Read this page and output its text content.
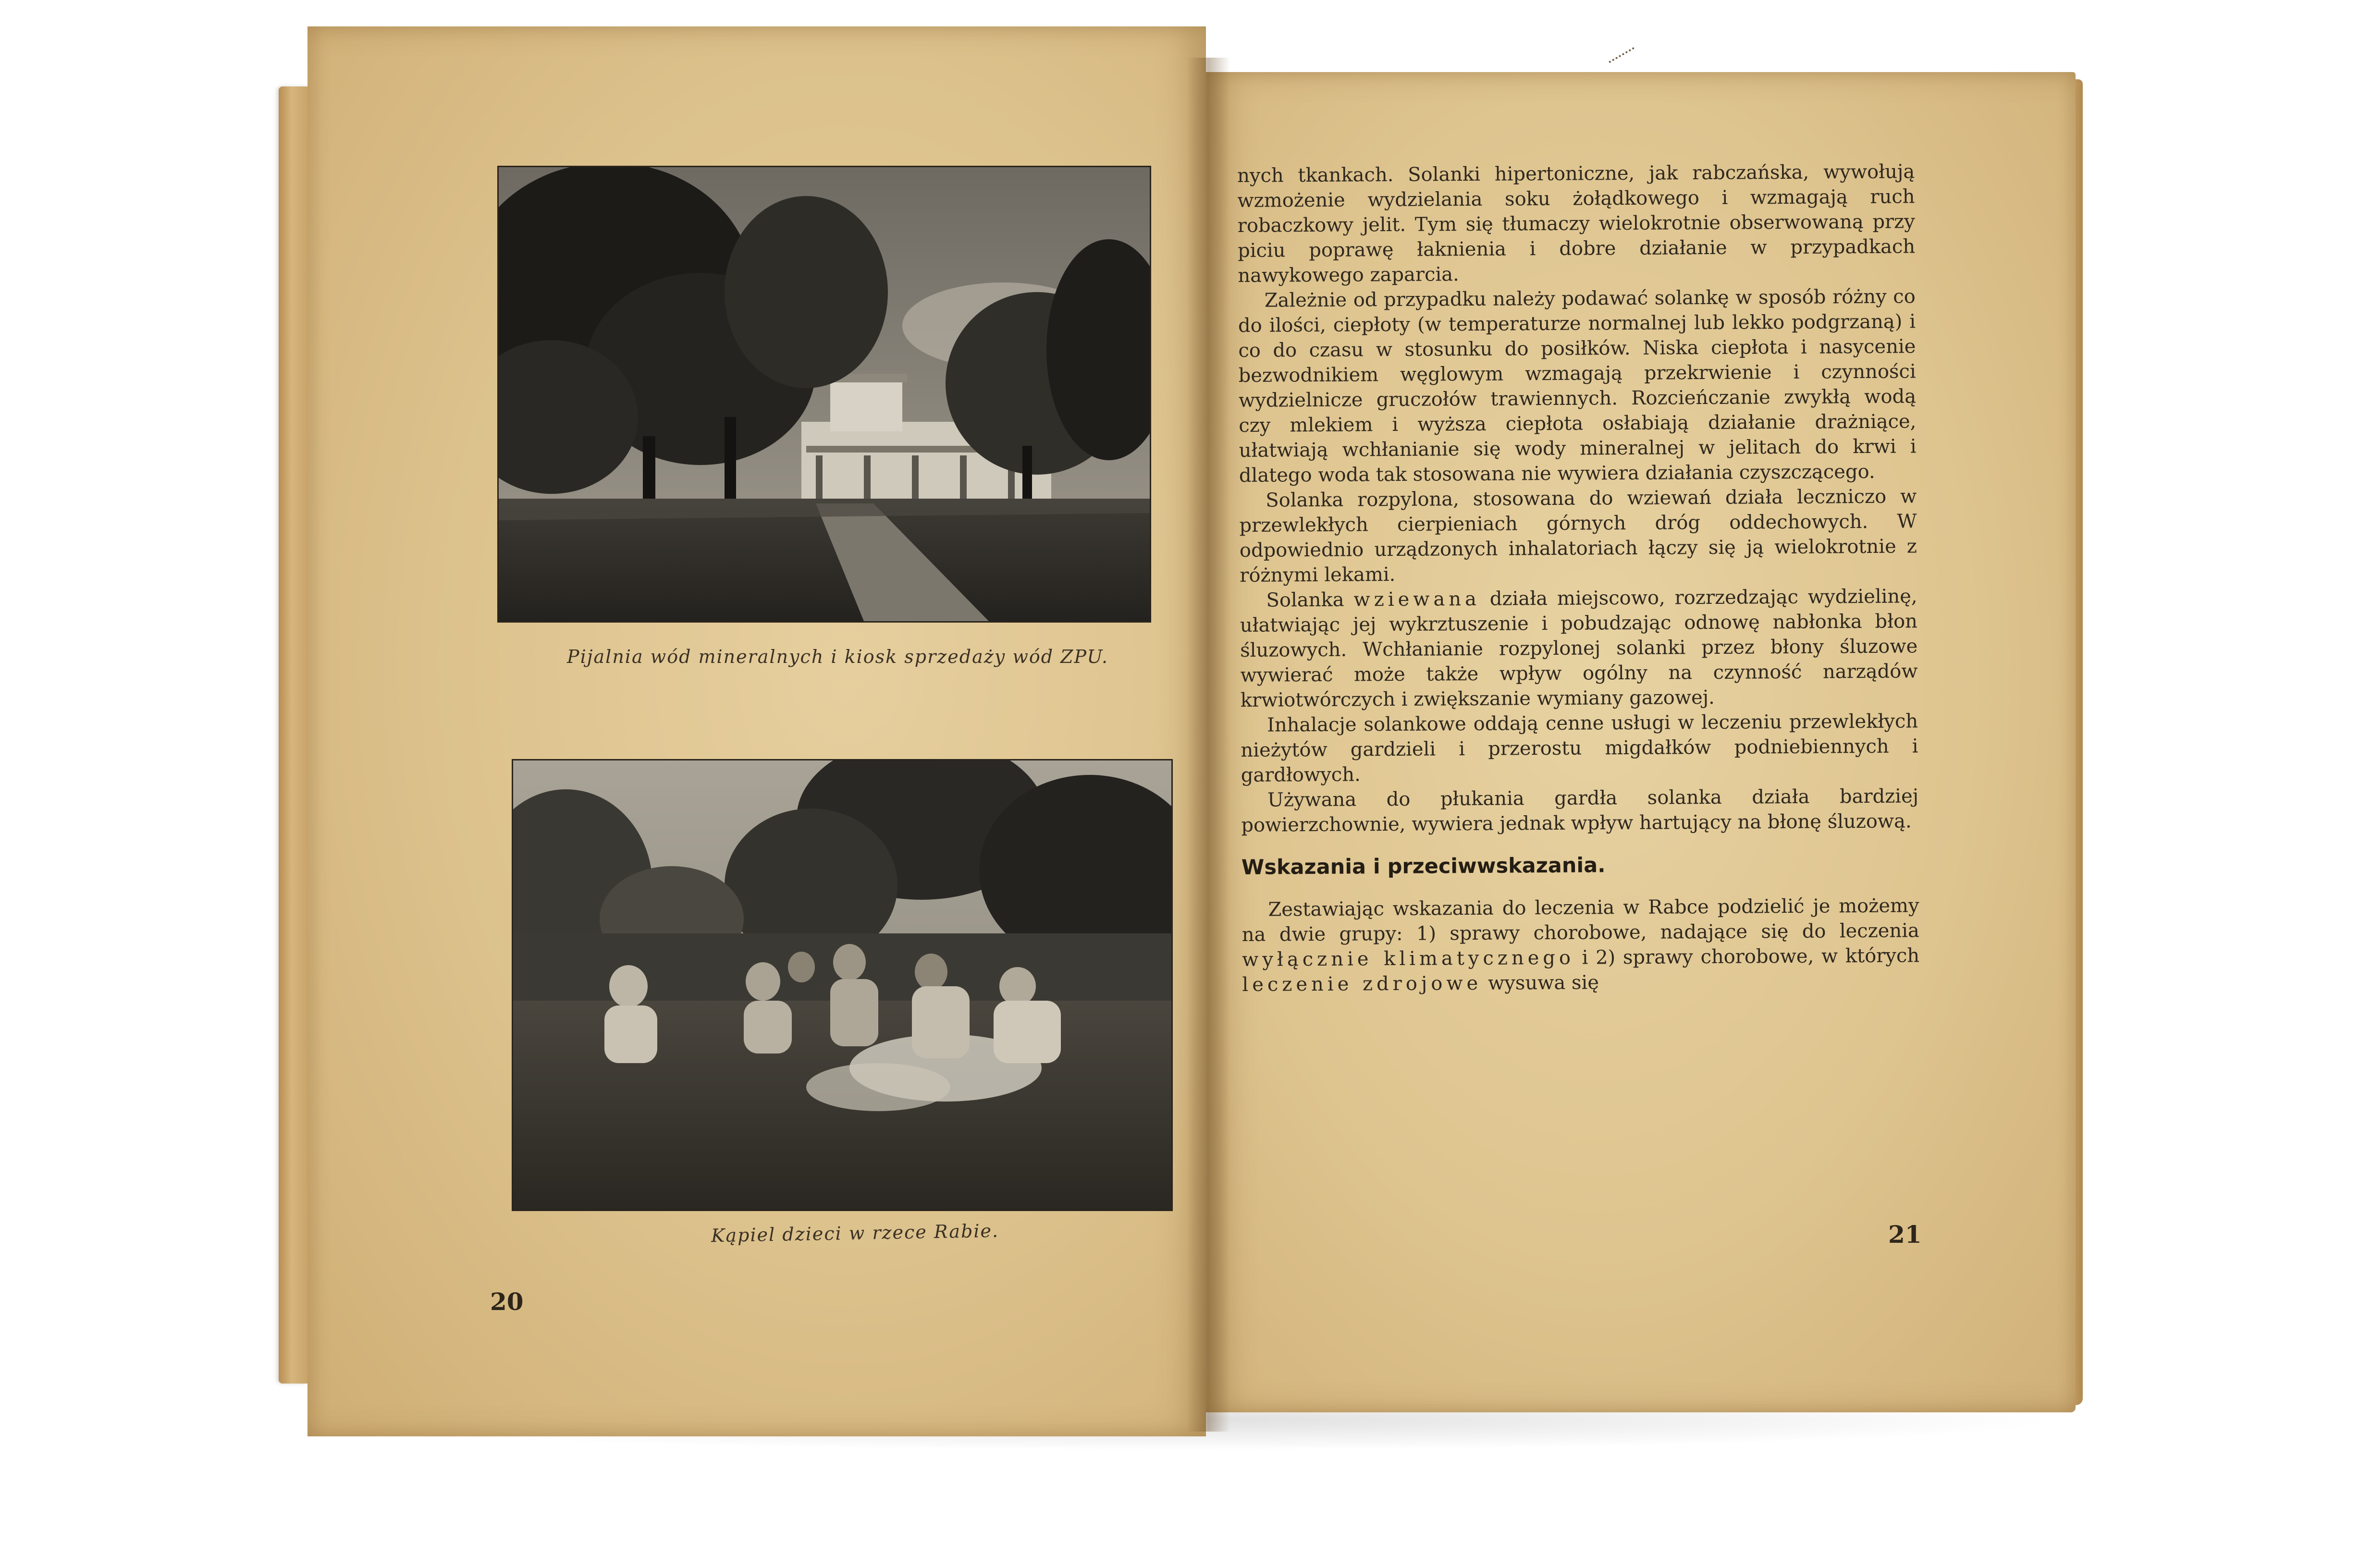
Pijalnia wód mineralnych i kiosk sprzedaży wód ZPU.
Kąpiel dzieci w rzece Rabie.
20

nych tkankach. Solanki hipertoniczne, jak rabczańska, wywołują wzmożenie wydzielania soku żołądkowego i wzmagają ruch robaczkowy jelit. Tym się tłumaczy wielokrotnie obserwowaną przy piciu poprawę łaknienia i dobre działanie w przypadkach nawykowego zaparcia.

Zależnie od przypadku należy podawać solankę w sposób różny co do ilości, ciepłoty (w temperaturze normalnej lub lekko podgrzaną) i co do czasu w stosunku do posiłków. Niska ciepłota i nasycenie bezwodnikiem węglowym wzmagają przekrwienie i czynności wydzielnicze gruczołów trawiennych. Rozcieńczanie zwykłą wodą czy mlekiem i wyższa ciepłota osłabiają działanie drażniące, ułatwiają wchłanianie się wody mineralnej w jelitach do krwi i dlatego woda tak stosowana nie wywiera działania czyszczącego.

Solanka rozpylona, stosowana do wziewań działa leczniczo w przewlekłych cierpieniach górnych dróg oddechowych. W odpowiednio urządzonych inhalatoriach łączy się ją wielokrotnie z różnymi lekami.

Solanka wziewana działa miejscowo, rozrzedzając wydzielinę, ułatwiając jej wykrztuszenie i pobudzając odnowę nabłonka błon śluzowych. Wchłanianie rozpylonej solanki przez błony śluzowe wywierać może także wpływ ogólny na czynność narządów krwiotwórczych i zwiększanie wymiany gazowej.

Inhalacje solankowe oddają cenne usługi w leczeniu przewlekłych nieżytów gardzieli i przerostu migdałków podniebiennych i gardłowych.

Używana do płukania gardła solanka działa bardziej powierzchownie, wywiera jednak wpływ hartujący na błonę śluzową.

Wskazania i przeciwwskazania.

Zestawiając wskazania do leczenia w Rabce podzielić je możemy na dwie grupy: 1) sprawy chorobowe, nadające się do leczenia wyłącznie klimatycznego i 2) sprawy chorobowe, w których leczenie zdrojowe wysuwa się

21
